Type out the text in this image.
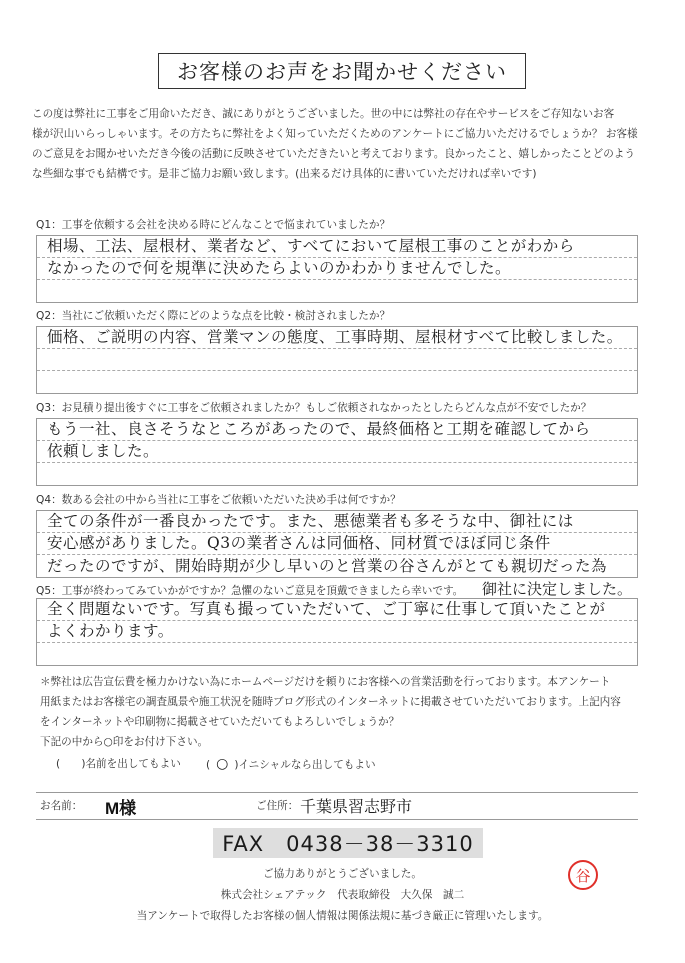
お客様のお声をお聞かせください
この度は弊社に工事をご用命いただき、誠にありがとうございました。世の中には弊社の存在やサービスをご存知ないお客
様が沢山いらっしゃいます。その方たちに弊社をよく知っていただくためのアンケートにご協力いただけるでしょうか？ お客様
のご意見をお聞かせいただき今後の活動に反映させていただきたいと考えております。良かったこと、嬉しかったことどのよう
な些細な事でも結構です。是非ご協力お願い致します。(出来るだけ具体的に書いていただければ幸いです)
Q1：工事を依頼する会社を決める時にどんなことで悩まれていましたか？
相場、工法、屋根材、業者など、すべてにおいて屋根工事のことがわから
なかったので何を規準に決めたらよいのかわかりませんでした。
Q2：当社にご依頼いただく際にどのような点を比較・検討されましたか？
価格、ご説明の内容、営業マンの態度、工事時期、屋根材すべて比較しました。
Q3：お見積り提出後すぐに工事をご依頼されましたか？もしご依頼されなかったとしたらどんな点が不安でしたか？
もう一社、良さそうなところがあったので、最終価格と工期を確認してから
依頼しました。
Q4：数ある会社の中から当社に工事をご依頼いただいた決め手は何ですか？
全ての条件が一番良かったです。また、悪徳業者も多そうな中、御社には
安心感がありました。Q3の業者さんは同価格、同材質でほぼ同じ条件
だったのですが、開始時期が少し早いのと営業の谷さんがとても親切だった為
Q5：工事が終わってみていかがですか？急懼のないご意見を頂戴できましたら幸いです。 御社に決定しました。
全く問題ないです。写真も撮っていただいて、ご丁寧に仕事して頂いたことが
よくわかります。
＊弊社は広告宣伝費を極力かけない為にホームページだけを頼りにお客様への営業活動を行っております。本アンケート
用紙またはお客様宅の調査風景や施工状況を随時ブログ形式のインターネットに掲載させていただいております。上記内容
をインターネットや印刷物に掲載させていただいてもよろしいでしょうか？
下記の中から○印をお付け下さい。
(　　)名前を出してもよい ( ○ )イニシャルなら出してもよい
お名前： M様	ご住所： 千葉県習志野市
FAX　0438－38－3310
ご協力ありがとうございました。
株式会社シェアテック　代表取締役　大久保　誠二
当アンケートで取得したお客様の個人情報は関係法規に基づき厳正に管理いたします。
谷
